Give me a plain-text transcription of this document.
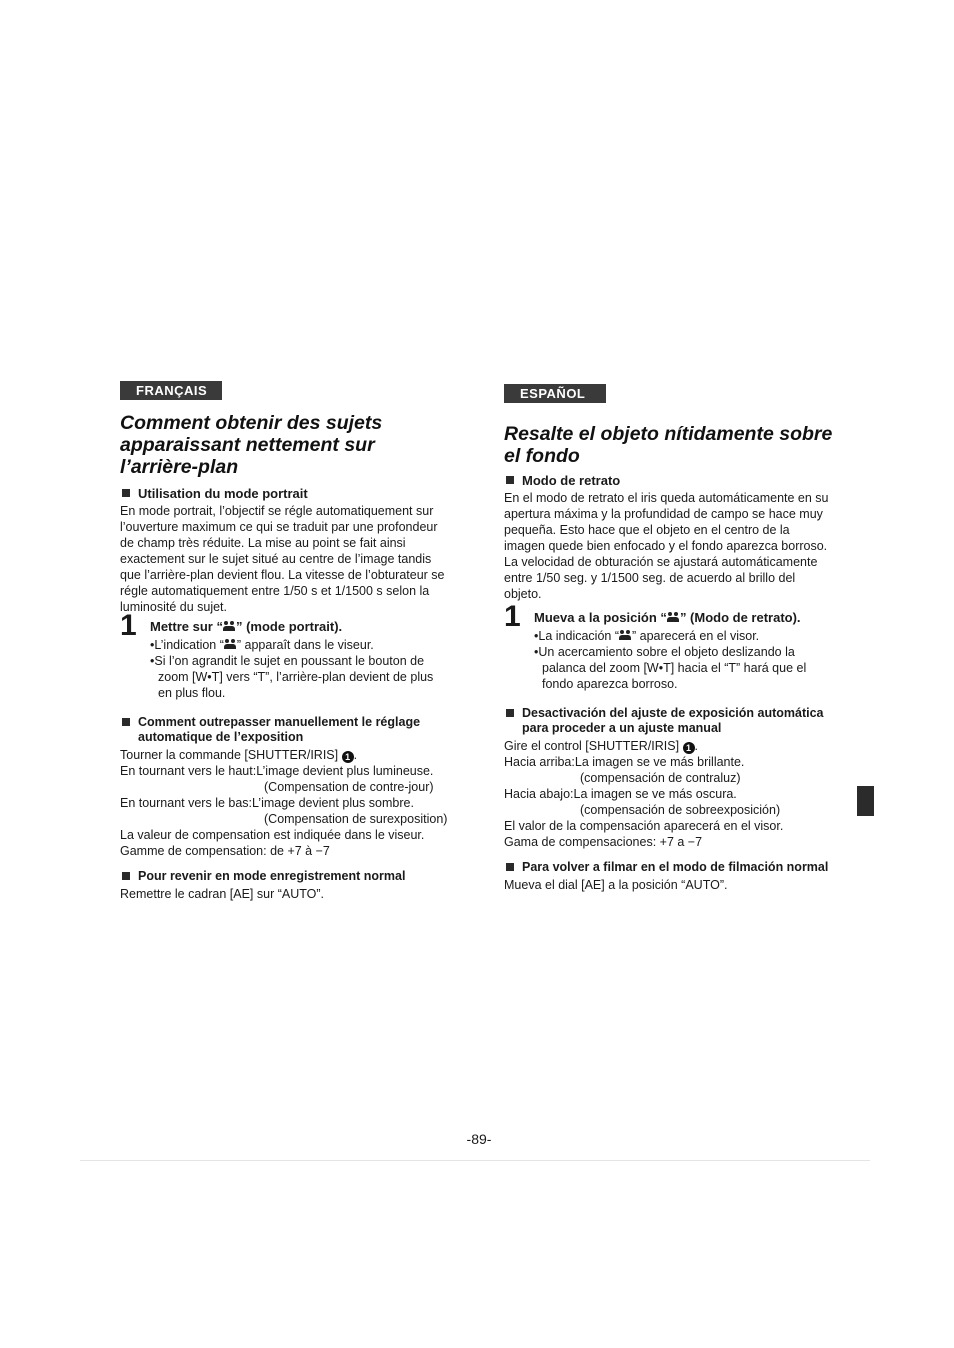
FRANÇAIS
Comment obtenir des sujets apparaissant nettement sur l’arrière-plan
Utilisation du mode portrait

En mode portrait, l’objectif se régle automatiquement sur l’ouverture maximum ce qui se traduit par une profondeur de champ très réduite. La mise au point se fait ainsi exactement sur le sujet situé au centre de l’image tandis que l’arrière-plan devient flou. La vitesse de l’obturateur se régle automatiquement entre 1/50 s et 1/1500 s selon la luminosité du sujet.

1 Mettre sur “ ” (mode portrait).
• L’indication “ ” apparaît dans le viseur.
• Si l’on agrandit le sujet en poussant le bouton de zoom [W•T] vers “T”, l’arrière-plan devient de plus en plus flou.
Comment outrepasser manuellement le réglage automatique de l’exposition
Tourner la commande [SHUTTER/IRIS] 1 .
En tournant vers le haut: L’image devient plus lumineuse.
(Compensation de contre-jour)
En tournant vers le bas: L’image devient plus sombre.
(Compensation de surexposition)
La valeur de compensation est indiquée dans le viseur.
Gamme de compensation: de +7 à −7
Pour revenir en mode enregistrement normal
Remettre le cadran [AE] sur “AUTO”.
ESPAÑOL
Resalte el objeto nítidamente sobre el fondo
Modo de retrato

En el modo de retrato el iris queda automáticamente en su apertura máxima y la profundidad de campo se hace muy pequeña. Esto hace que el objeto en el centro de la imagen quede bien enfocado y el fondo aparezca borroso. La velocidad de obturación se ajustará automáticamente entre 1/50 seg. y 1/1500 seg. de acuerdo al brillo del objeto.

1 Mueva a la posición “ ” (Modo de retrato).
• La indicación “ ” aparecerá en el visor.
• Un acercamiento sobre el objeto deslizando la palanca del zoom [W•T] hacia el “T” hará que el fondo aparezca borroso.
Desactivación del ajuste de exposición automática para proceder a un ajuste manual
Gire el control [SHUTTER/IRIS] 1 .
Hacia arriba: La imagen se ve más brillante.
(compensación de contraluz)
Hacia abajo: La imagen se ve más oscura.
(compensación de sobreexposición)
El valor de la compensación aparecerá en el visor.
Gama de compensaciones: +7 a −7
Para volver a filmar en el modo de filmación normal
Mueva el dial [AE] a la posición “AUTO”.
-89-
